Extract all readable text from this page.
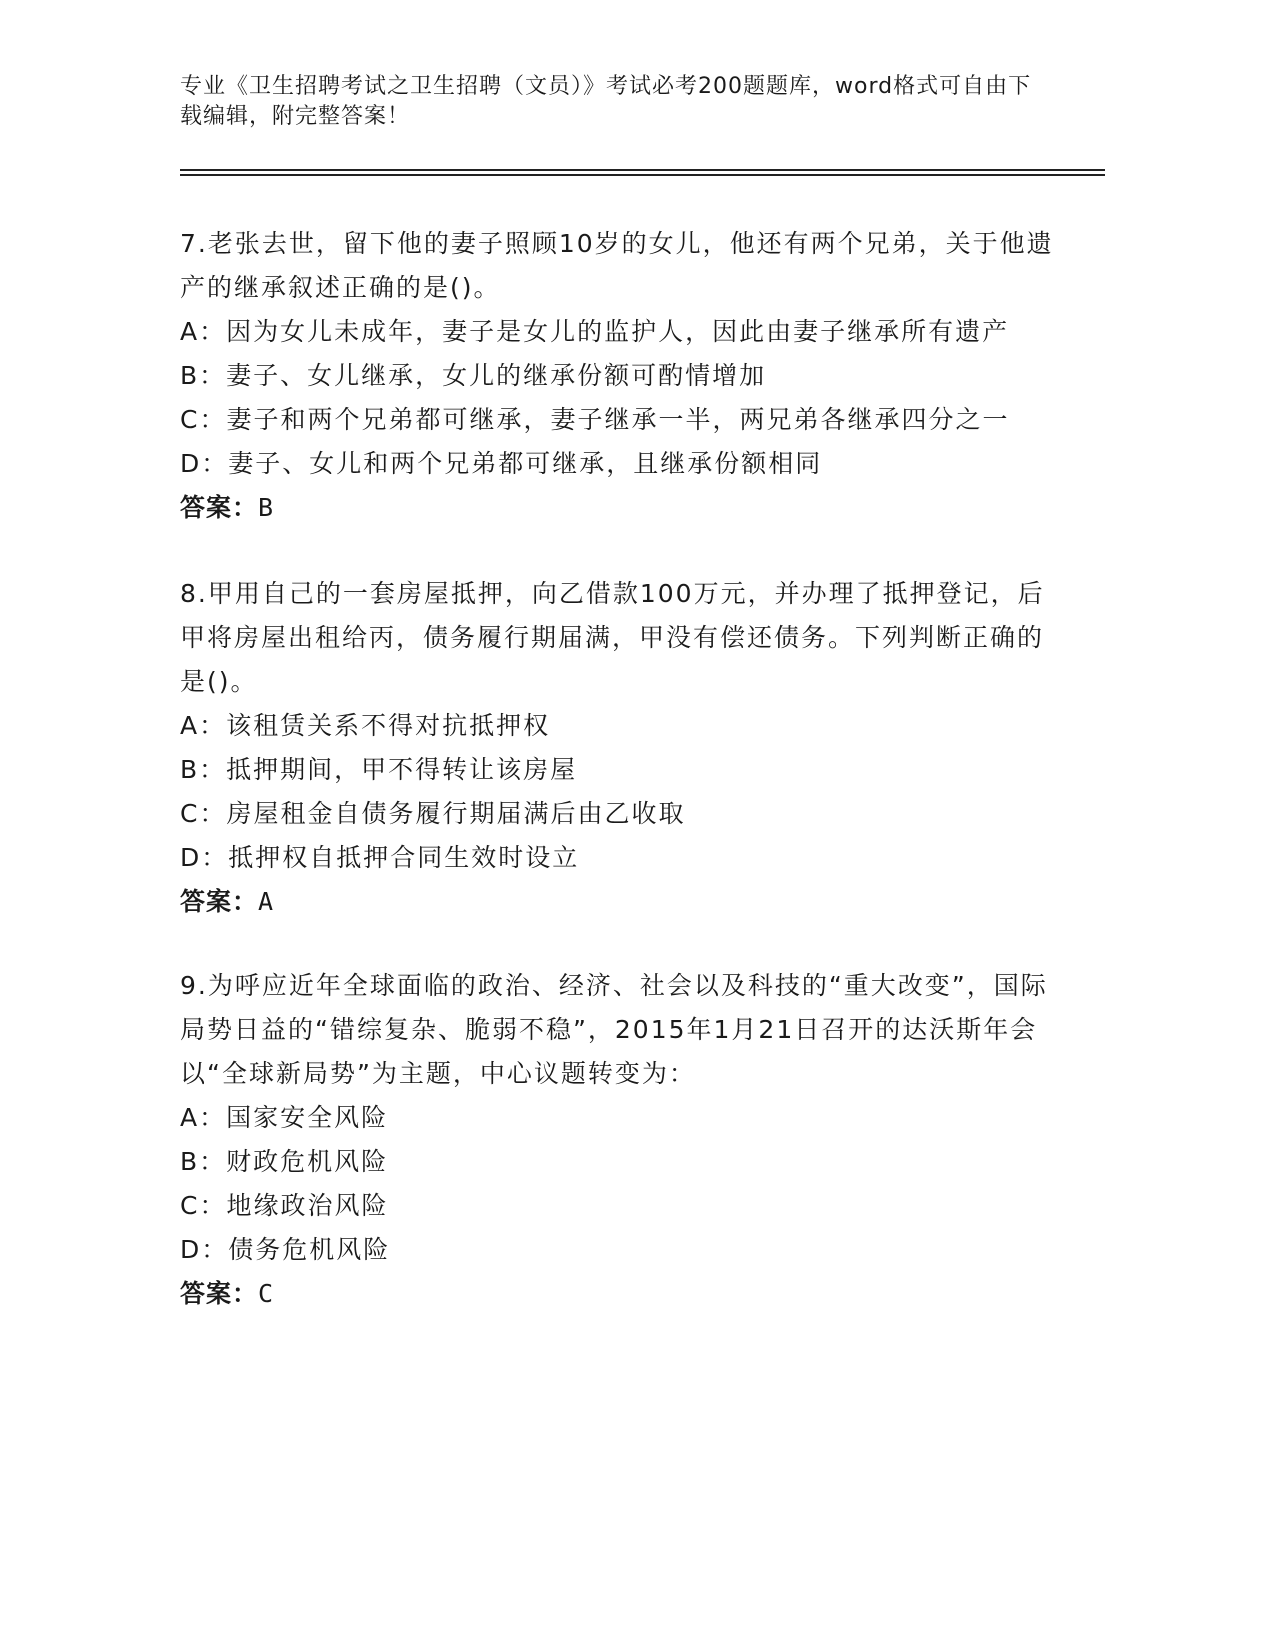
专业《卫生招聘考试之卫生招聘（文员）》考试必考200题题库，word格式可自由下载编辑，附完整答案！

7.老张去世，留下他的妻子照顾10岁的女儿，他还有两个兄弟，关于他遗产的继承叙述正确的是()。

A：因为女儿未成年，妻子是女儿的监护人，因此由妻子继承所有遗产

B：妻子、女儿继承，女儿的继承份额可酌情增加

C：妻子和两个兄弟都可继承，妻子继承一半，两兄弟各继承四分之一

D：妻子、女儿和两个兄弟都可继承，且继承份额相同

答案：B

8.甲用自己的一套房屋抵押，向乙借款100万元，并办理了抵押登记，后甲将房屋出租给丙，债务履行期届满，甲没有偿还债务。下列判断正确的是()。

A：该租赁关系不得对抗抵押权

B：抵押期间，甲不得转让该房屋

C：房屋租金自债务履行期届满后由乙收取

D：抵押权自抵押合同生效时设立

答案：A

9.为呼应近年全球面临的政治、经济、社会以及科技的“重大改变”，国际局势日益的“错综复杂、脆弱不稳”，2015年1月21日召开的达沃斯年会以“全球新局势”为主题，中心议题转变为：

A：国家安全风险

B：财政危机风险

C：地缘政治风险

D：债务危机风险

答案：C
